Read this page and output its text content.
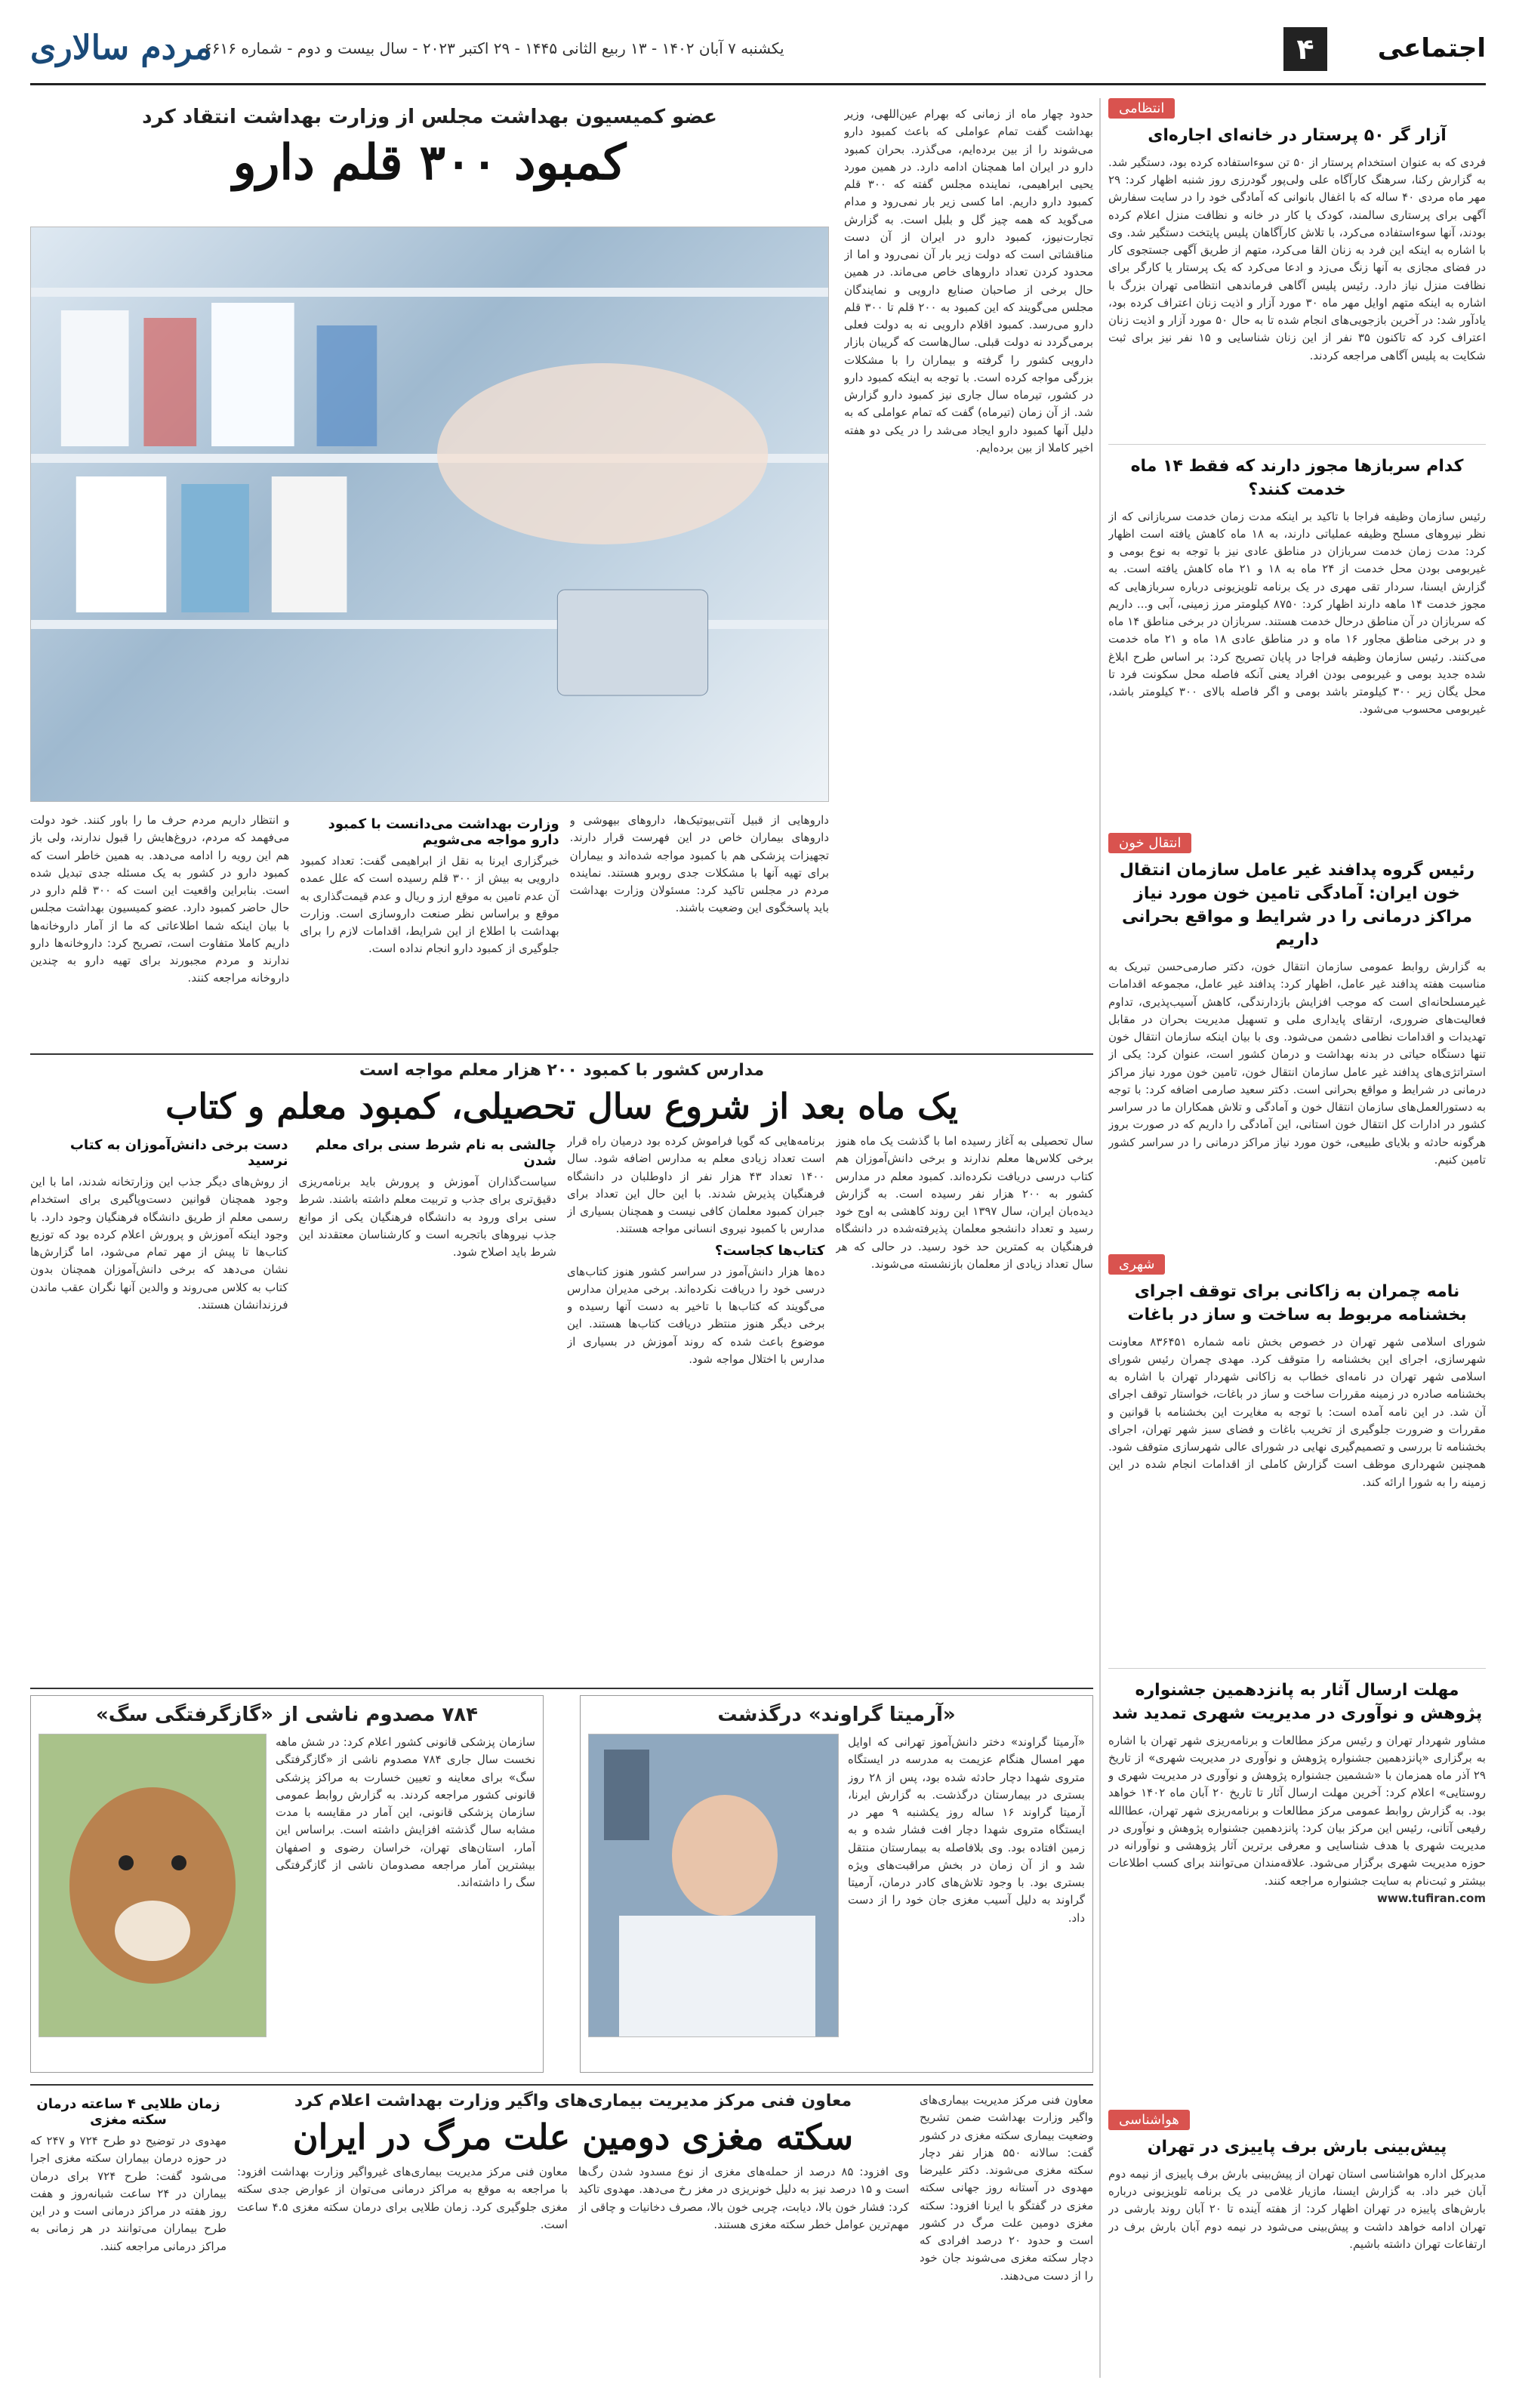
مردم سالاری
یکشنبه ۷ آبان ۱۴۰۲ - ۱۳ ربیع الثانی ۱۴۴۵ - ۲۹ اکتبر ۲۰۲۳ - سال بیست و دوم - شماره ۶۶۱۶	۴	اجتماعی
انتظامی
آزار گر ۵۰ پرستار در خانه‌ای اجاره‌ای
فردی که به عنوان استخدام پرستار از ۵۰ تن سوءاستفاده کرده بود، دستگیر شد. به گزارش رکنا، سرهنگ کارآگاه علی ولی‌پور گودرزی روز شنبه اظهار کرد: ۲۹ مهر ماه مردی ۴۰ ساله که با اغفال بانوانی که آمادگی خود را در سایت سفارش آگهی برای پرستاری سالمند، کودک یا کار در خانه و نظافت منزل اعلام کرده بودند، آنها سوءاستفاده می‌کرد، با تلاش کارآگاهان پلیس پایتخت دستگیر شد. وی با اشاره به اینکه این فرد به زنان القا می‌کرد، متهم از طریق آگهی جستجوی کار در فضای مجازی به آنها زنگ می‌زد و ادعا می‌کرد که یک پرستار یا کارگر برای نظافت منزل نیاز دارد. رئیس پلیس آگاهی فرماندهی انتظامی تهران بزرگ با اشاره به اینکه متهم اوایل مهر ماه ۳۰ مورد آزار و اذیت زنان اعتراف کرده بود، یادآور شد: در آخرین بازجویی‌های انجام شده تا به حال ۵۰ مورد آزار و اذیت زنان اعتراف کرد که تاکنون ۳۵ نفر از این زنان شناسایی و ۱۵ نفر نیز برای ثبت شکایت به پلیس آگاهی مراجعه کردند.
کدام سربازها مجوز دارند که فقط ۱۴ ماه خدمت کنند؟
رئیس سازمان وظیفه فراجا با تاکید بر اینکه مدت زمان خدمت سربازانی که از نظر نیروهای مسلح وظیفه عملیاتی دارند، به ۱۸ ماه کاهش یافته است اظهار کرد: مدت زمان خدمت سربازان در مناطق عادی نیز با توجه به نوع بومی و غیربومی بودن محل خدمت از ۲۴ ماه به ۱۸ و ۲۱ ماه کاهش یافته است. به گزارش ایسنا، سردار تقی مهری در یک برنامه تلویزیونی درباره سربازهایی که مجوز خدمت ۱۴ ماهه دارند اظهار کرد: ۸۷۵۰ کیلومتر مرز زمینی، آبی و... داریم که سربازان در آن مناطق درحال خدمت هستند. سربازان در برخی مناطق ۱۴ ماه و در برخی مناطق مجاور ۱۶ ماه و در مناطق عادی ۱۸ ماه و ۲۱ ماه خدمت می‌کنند. رئیس سازمان وظیفه فراجا در پایان تصریح کرد: بر اساس طرح ابلاغ شده جدید بومی و غیربومی بودن افراد یعنی آنکه فاصله محل سکونت فرد تا محل یگان زیر ۳۰۰ کیلومتر باشد بومی و اگر فاصله بالای ۳۰۰ کیلومتر باشد، غیربومی محسوب می‌شود.
انتقال خون
رئیس گروه پدافند غیر عامل سازمان انتقال خون ایران: آمادگی تامین خون مورد نیاز مراکز درمانی را در شرایط و مواقع بحرانی داریم
به گزارش روابط عمومی سازمان انتقال خون، دکتر صارمی‌حسن تبریک به مناسبت هفته پدافند غیر عامل، اظهار کرد: پدافند غیر عامل، مجموعه اقدامات غیرمسلحانه‌ای است که موجب افزایش بازدارندگی، کاهش آسیب‌پذیری، تداوم فعالیت‌های ضروری، ارتقای پایداری ملی و تسهیل مدیریت بحران در مقابل تهدیدات و اقدامات نظامی دشمن می‌شود. وی با بیان اینکه سازمان انتقال خون تنها دستگاه حیاتی در بدنه بهداشت و درمان کشور است، عنوان کرد: یکی از استراتژی‌های پدافند غیر عامل سازمان انتقال خون، تامین خون مورد نیاز مراکز درمانی در شرایط و مواقع بحرانی است. دکتر سعید صارمی اضافه کرد: با توجه به دستورالعمل‌های سازمان انتقال خون و آمادگی و تلاش همکاران ما در سراسر کشور در ادارات کل انتقال خون استانی، این آمادگی را داریم که در صورت بروز هرگونه حادثه و بلایای طبیعی، خون مورد نیاز مراکز درمانی را در سراسر کشور تامین کنیم.
شهری
نامه چمران به زاکانی برای توقف اجرای بخشنامه مربوط به ساخت و ساز در باغات
شورای اسلامی شهر تهران در خصوص بخش نامه شماره ۸۳۶۴۵۱ معاونت شهرسازی، اجرای این بخشنامه را متوقف کرد. مهدی چمران رئیس شورای اسلامی شهر تهران در نامه‌ای خطاب به زاکانی شهردار تهران با اشاره به بخشنامه صادره در زمینه مقررات ساخت و ساز در باغات، خواستار توقف اجرای آن شد. در این نامه آمده است: با توجه به مغایرت این بخشنامه با قوانین و مقررات و ضرورت جلوگیری از تخریب باغات و فضای سبز شهر تهران، اجرای بخشنامه تا بررسی و تصمیم‌گیری نهایی در شورای عالی شهرسازی متوقف شود. همچنین شهرداری موظف است گزارش کاملی از اقدامات انجام شده در این زمینه را به شورا ارائه کند.
مهلت ارسال آثار به پانزدهمین جشنواره پژوهش و نوآوری در مدیریت شهری تمدید شد
مشاور شهردار تهران و رئیس مرکز مطالعات و برنامه‌ریزی شهر تهران با اشاره به برگزاری «پانزدهمین جشنواره پژوهش و نوآوری در مدیریت شهری» از تاریخ ۲۹ آذر ماه همزمان با «ششمین جشنواره پژوهش و نوآوری در مدیریت شهری و روستایی» اعلام کرد: آخرین مهلت ارسال آثار تا تاریخ ۲۰ آبان ماه ۱۴۰۲ خواهد بود. به گزارش روابط عمومی مرکز مطالعات و برنامه‌ریزی شهر تهران، عطاالله رفیعی آتانی، رئیس این مرکز بیان کرد: پانزدهمین جشنواره پژوهش و نوآوری در مدیریت شهری با هدف شناسایی و معرفی برترین آثار پژوهشی و نوآورانه در حوزه مدیریت شهری برگزار می‌شود. علاقه‌مندان می‌توانند برای کسب اطلاعات بیشتر و ثبت‌نام به سایت جشنواره مراجعه کنند.
www.tufiran.com
هواشناسی
پیش‌بینی بارش برف پاییزی در تهران
مدیرکل اداره هواشناسی استان تهران از پیش‌بینی بارش برف پاییزی از نیمه دوم آبان خبر داد. به گزارش ایسنا، مازیار غلامی در یک برنامه تلویزیونی درباره بارش‌های پاییزه در تهران اظهار کرد: از هفته آینده تا ۲۰ آبان روند بارشی در تهران ادامه خواهد داشت و پیش‌بینی می‌شود در نیمه دوم آبان بارش برف در ارتفاعات تهران داشته باشیم.
حدود چهار ماه از زمانی که بهرام عین‌اللهی، وزیر بهداشت گفت تمام عواملی که باعث کمبود دارو می‌شوند را از بین برده‌ایم، می‌گذرد. بحران کمبود دارو در ایران اما همچنان ادامه دارد. در همین مورد یحیی ابراهیمی، نماینده مجلس گفته که ۳۰۰ قلم کمبود دارو داریم. اما کسی زیر بار نمی‌رود و مدام می‌گوید که همه چیز گل و بلبل است. به گزارش تجارت‌نیوز، کمبود دارو در ایران از آن دست مناقشاتی است که دولت زیر بار آن نمی‌رود و اما از محدود کردن تعداد داروهای خاص می‌ماند. در همین حال برخی از صاحبان صنایع دارویی و نمایندگان مجلس می‌گویند که این کمبود به ۲۰۰ قلم تا ۳۰۰ قلم دارو می‌رسد. کمبود اقلام دارویی نه به دولت فعلی برمی‌گردد نه دولت قبلی. سال‌هاست که گریبان بازار دارویی کشور را گرفته و بیماران را با مشکلات بزرگی مواجه کرده است. با توجه به اینکه کمبود دارو در کشور، تیرماه سال جاری نیز کمبود دارو گزارش شد. از آن زمان (تیرماه) گفت که تمام عواملی که به دلیل آنها کمبود دارو ایجاد می‌شد را در یکی دو هفته اخیر کاملا از بین برده‌ایم.
عضو کمیسیون بهداشت مجلس از وزارت بهداشت انتقاد کرد
کمبود ۳۰۰ قلم دارو
داروهایی از قبیل آنتی‌بیوتیک‌ها، داروهای بیهوشی و داروهای بیماران خاص در این فهرست قرار دارند. تجهیزات پزشکی هم با کمبود مواجه شده‌اند و بیماران برای تهیه آنها با مشکلات جدی روبرو هستند. نماینده مردم در مجلس تاکید کرد: مسئولان وزارت بهداشت باید پاسخگوی این وضعیت باشند.
وزارت بهداشت می‌دانست با کمبود دارو مواجه می‌شویم
خبرگزاری ایرنا به نقل از ابراهیمی گفت: تعداد کمبود دارویی به بیش از ۳۰۰ قلم رسیده است که علل عمده آن عدم تامین به موقع ارز و ریال و عدم قیمت‌گذاری به موقع و براساس نظر صنعت داروسازی است. وزارت بهداشت با اطلاع از این شرایط، اقدامات لازم را برای جلوگیری از کمبود دارو انجام نداده است.
و انتظار داریم مردم حرف ما را باور کنند. خود دولت می‌فهمد که مردم، دروغ‌هایش را قبول ندارند، ولی باز هم این رویه را ادامه می‌دهد. به همین خاطر است که کمبود دارو در کشور به یک مسئله جدی تبدیل شده است. بنابراین واقعیت این است که ۳۰۰ قلم دارو در حال حاضر کمبود دارد. عضو کمیسیون بهداشت مجلس با بیان اینکه شما اطلاعاتی که ما از آمار داروخانه‌ها داریم کاملا متفاوت است، تصریح کرد: داروخانه‌ها دارو ندارند و مردم مجبورند برای تهیه دارو به چندین داروخانه مراجعه کنند.
مدارس کشور با کمبود ۲۰۰ هزار معلم مواجه است
یک ماه بعد از شروع سال تحصیلی، کمبود معلم و کتاب
سال تحصیلی به آغاز رسیده اما با گذشت یک ماه هنوز برخی کلاس‌ها معلم ندارند و برخی دانش‌آموزان هم کتاب درسی دریافت نکرده‌اند. کمبود معلم در مدارس کشور به ۲۰۰ هزار نفر رسیده است. به گزارش دیده‌بان ایران، سال ۱۳۹۷ این روند کاهشی به اوج خود رسید و تعداد دانشجو معلمان پذیرفته‌شده در دانشگاه فرهنگیان به کمترین حد خود رسید. در حالی که هر سال تعداد زیادی از معلمان بازنشسته می‌شوند.
برنامه‌هایی که گویا فراموش کرده بود درمیان راه قرار است تعداد زیادی معلم به مدارس اضافه شود. سال ۱۴۰۰ تعداد ۴۳ هزار نفر از داوطلبان در دانشگاه فرهنگیان پذیرش شدند. با این حال این تعداد برای جبران کمبود معلمان کافی نیست و همچنان بسیاری از مدارس با کمبود نیروی انسانی مواجه هستند.
کتاب‌ها کجاست؟
ده‌ها هزار دانش‌آموز در سراسر کشور هنوز کتاب‌های درسی خود را دریافت نکرده‌اند. برخی مدیران مدارس می‌گویند که کتاب‌ها با تاخیر به دست آنها رسیده و برخی دیگر هنوز منتظر دریافت کتاب‌ها هستند. این موضوع باعث شده که روند آموزش در بسیاری از مدارس با اختلال مواجه شود.
چالشی به نام شرط سنی برای معلم شدن
سیاست‌گذاران آموزش و پرورش باید برنامه‌ریزی دقیق‌تری برای جذب و تربیت معلم داشته باشند. شرط سنی برای ورود به دانشگاه فرهنگیان یکی از موانع جذب نیروهای باتجربه است و کارشناسان معتقدند این شرط باید اصلاح شود.
دست برخی دانش‌آموزان به کتاب نرسید
از روش‌های دیگر جذب این وزارتخانه شدند، اما با این وجود همچنان قوانین دست‌وپاگیری برای استخدام رسمی معلم از طریق دانشگاه فرهنگیان وجود دارد. با وجود اینکه آموزش و پرورش اعلام کرده بود که توزیع کتاب‌ها تا پیش از مهر تمام می‌شود، اما گزارش‌ها نشان می‌دهد که برخی دانش‌آموزان همچنان بدون کتاب به کلاس می‌روند و والدین آنها نگران عقب ماندن فرزندانشان هستند.
«آرمیتا گراوند» درگذشت
«آرمیتا گراوند» دختر دانش‌آموز تهرانی که اوایل مهر امسال هنگام عزیمت به مدرسه در ایستگاه متروی شهدا دچار حادثه شده بود، پس از ۲۸ روز بستری در بیمارستان درگذشت. به گزارش ایرنا، آرمیتا گراوند ۱۶ ساله روز یکشنبه ۹ مهر در ایستگاه متروی شهدا دچار افت فشار شده و به زمین افتاده بود. وی بلافاصله به بیمارستان منتقل شد و از آن زمان در بخش مراقبت‌های ویژه بستری بود. با وجود تلاش‌های کادر درمان، آرمیتا گراوند به دلیل آسیب مغزی جان خود را از دست داد.
۷۸۴ مصدوم ناشی از «گازگرفتگی سگ»
سازمان پزشکی قانونی کشور اعلام کرد: در شش ماهه نخست سال جاری ۷۸۴ مصدوم ناشی از «گازگرفتگی سگ» برای معاینه و تعیین خسارت به مراکز پزشکی قانونی کشور مراجعه کردند. به گزارش روابط عمومی سازمان پزشکی قانونی، این آمار در مقایسه با مدت مشابه سال گذشته افزایش داشته است. براساس این آمار، استان‌های تهران، خراسان رضوی و اصفهان بیشترین آمار مراجعه مصدومان ناشی از گازگرفتگی سگ را داشته‌اند.
معاون فنی مرکز مدیریت بیماری‌های واگیر وزارت بهداشت ضمن تشریح وضعیت بیماری سکته مغزی در کشور گفت: سالانه ۵۵۰ هزار نفر دچار سکته مغزی می‌شوند. دکتر علیرضا مهدوی در آستانه روز جهانی سکته مغزی در گفتگو با ایرنا افزود: سکته مغزی دومین علت مرگ در کشور است و حدود ۲۰ درصد افرادی که دچار سکته مغزی می‌شوند جان خود را از دست می‌دهند.
معاون فنی مرکز مدیریت بیماری‌های واگیر وزارت بهداشت اعلام کرد
سکته مغزی دومین علت مرگ در ایران
وی افزود: ۸۵ درصد از حمله‌های مغزی از نوع مسدود شدن رگ‌ها است و ۱۵ درصد نیز به دلیل خونریزی در مغز رخ می‌دهد. مهدوی تاکید کرد: فشار خون بالا، دیابت، چربی خون بالا، مصرف دخانیات و چاقی از مهم‌ترین عوامل خطر سکته مغزی هستند.
معاون فنی مرکز مدیریت بیماری‌های غیرواگیر وزارت بهداشت افزود: با مراجعه به موقع به مراکز درمانی می‌توان از عوارض جدی سکته مغزی جلوگیری کرد. زمان طلایی برای درمان سکته مغزی ۴.۵ ساعت است.
زمان طلایی ۴ ساعته درمان سکته مغزی
مهدوی در توضیح دو طرح ۷۲۴ و ۲۴۷ که در حوزه درمان بیماران سکته مغزی اجرا می‌شود گفت: طرح ۷۲۴ برای درمان بیماران در ۲۴ ساعت شبانه‌روز و هفت روز هفته در مراکز درمانی است و در این طرح بیماران می‌توانند در هر زمانی به مراکز درمانی مراجعه کنند.
